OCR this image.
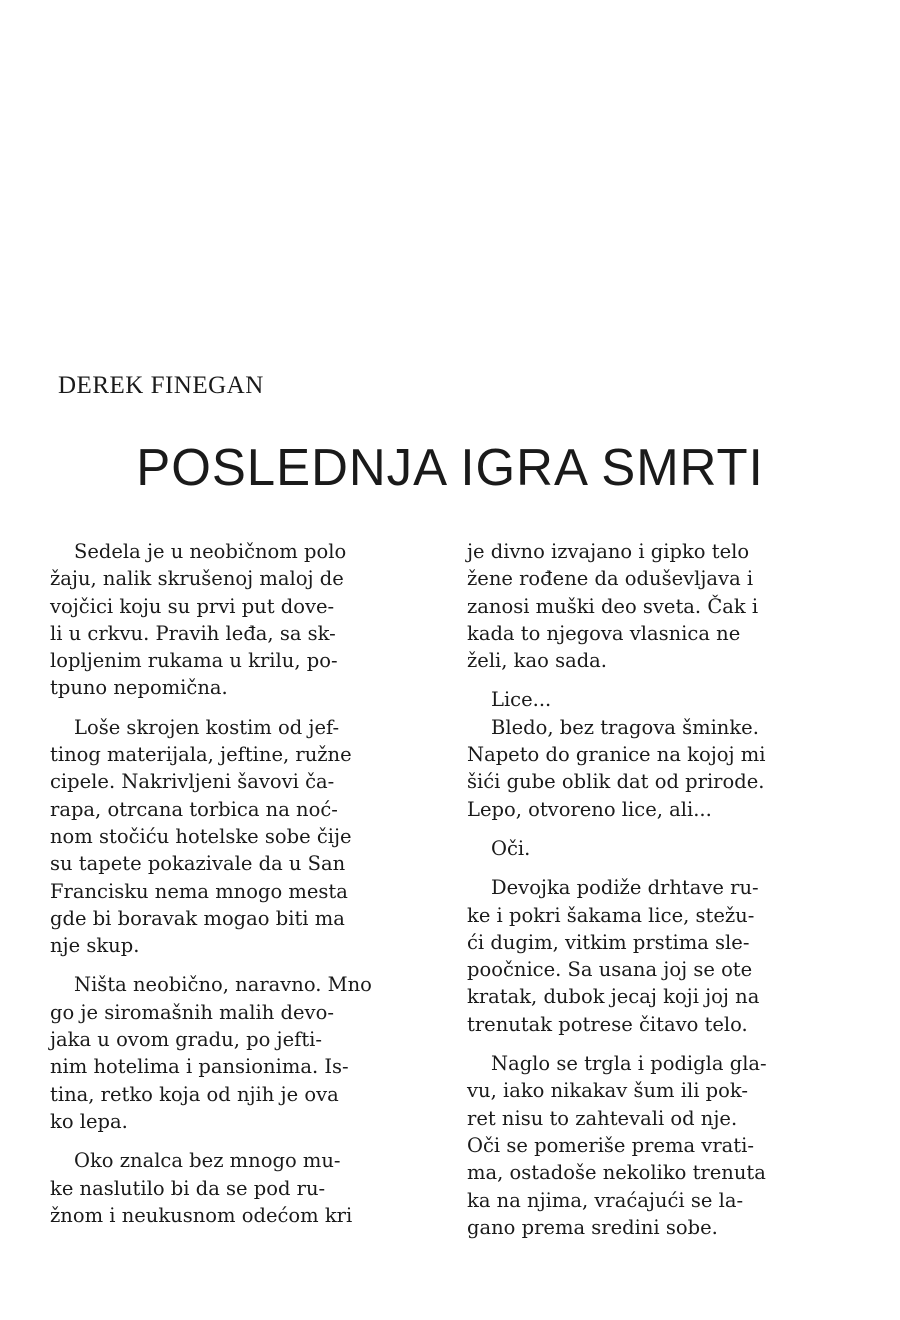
DEREK FINEGAN
POSLEDNJA IGRA SMRTI

Sedela je u neobičnom polo
žaju, nalik skrušenoj maloj de
vojčici koju su prvi put dove-
li u crkvu. Pravih leđa, sa sk-
lopljenim rukama u krilu, po-
tpuno nepomična.

Loše skrojen kostim od jef-
tinog materijala, jeftine, ružne
cipele. Nakrivljeni šavovi ča-
rapa, otrcana torbica na noć-
nom stočiću hotelske sobe čije
su tapete pokazivale da u San
Francisku nema mnogo mesta
gde bi boravak mogao biti ma
nje skup.

Ništa neobično, naravno. Mno
go je siromašnih malih devo-
jaka u ovom gradu, po jefti-
nim hotelima i pansionima. Is-
tina, retko koja od njih je ova
ko lepa.

Oko znalca bez mnogo mu-
ke naslutilo bi da se pod ru-
žnom i neukusnom odećom kri

je divno izvajano i gipko telo
žene rođene da oduševljava i
zanosi muški deo sveta. Čak i
kada to njegova vlasnica ne
želi, kao sada.

Lice...

Bledo, bez tragova šminke.
Napeto do granice na kojoj mi
šići gube oblik dat od prirode.
Lepo, otvoreno lice, ali...

Oči.

Devojka podiže drhtave ru-
ke i pokri šakama lice, stežu-
ći dugim, vitkim prstima sle-
poočnice. Sa usana joj se ote
kratak, dubok jecaj koji joj na
trenutak potrese čitavo telo.

Naglo se trgla i podigla gla-
vu, iako nikakav šum ili pok-
ret nisu to zahtevali od nje.
Oči se pomeriše prema vrati-
ma, ostadoše nekoliko trenuta
ka na njima, vraćajući se la-
gano prema sredini sobe.
